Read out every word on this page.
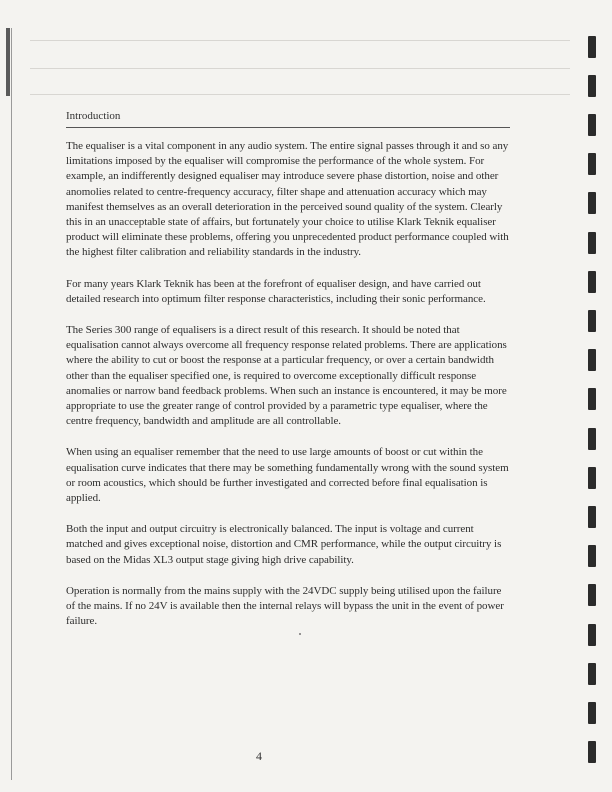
Introduction

The equaliser is a vital component in any audio system. The entire signal passes through it and so any limitations imposed by the equaliser will compromise the performance of the whole system. For example, an indifferently designed equaliser may introduce severe phase distortion, noise and other anomolies related to centre-frequency accuracy, filter shape and attenuation accuracy which may manifest themselves as an overall deterioration in the perceived sound quality of the system. Clearly this in an unacceptable state of affairs, but fortunately your choice to utilise Klark Teknik equaliser product will eliminate these problems, offering you unprecedented product performance coupled with the highest filter calibration and reliability standards in the industry.

For many years Klark Teknik has been at the forefront of equaliser design, and have carried out detailed research into optimum filter response characteristics, including their sonic performance.

The Series 300 range of equalisers is a direct result of this research. It should be noted that equalisation cannot always overcome all frequency response related problems. There are applications where the ability to cut or boost the response at a particular frequency, or over a certain bandwidth other than the equaliser specified one, is required to overcome exceptionally difficult response anomalies or narrow band feedback problems. When such an instance is encountered, it may be more appropriate to use the greater range of control provided by a parametric type equaliser, where the centre frequency, bandwidth and amplitude are all controllable.

When using an equaliser remember that the need to use large amounts of boost or cut within the equalisation curve indicates that there may be something fundamentally wrong with the sound system or room acoustics, which should be further investigated and corrected before final equalisation is applied.

Both the input and output circuitry is electronically balanced. The input is voltage and current matched and gives exceptional noise, distortion and CMR performance, while the output circuitry is based on the Midas XL3 output stage giving high drive capability.

Operation is normally from the mains supply with the 24VDC supply being utilised upon the failure of the mains. If no 24V is available then the internal relays will bypass the unit in the event of power failure.

4
